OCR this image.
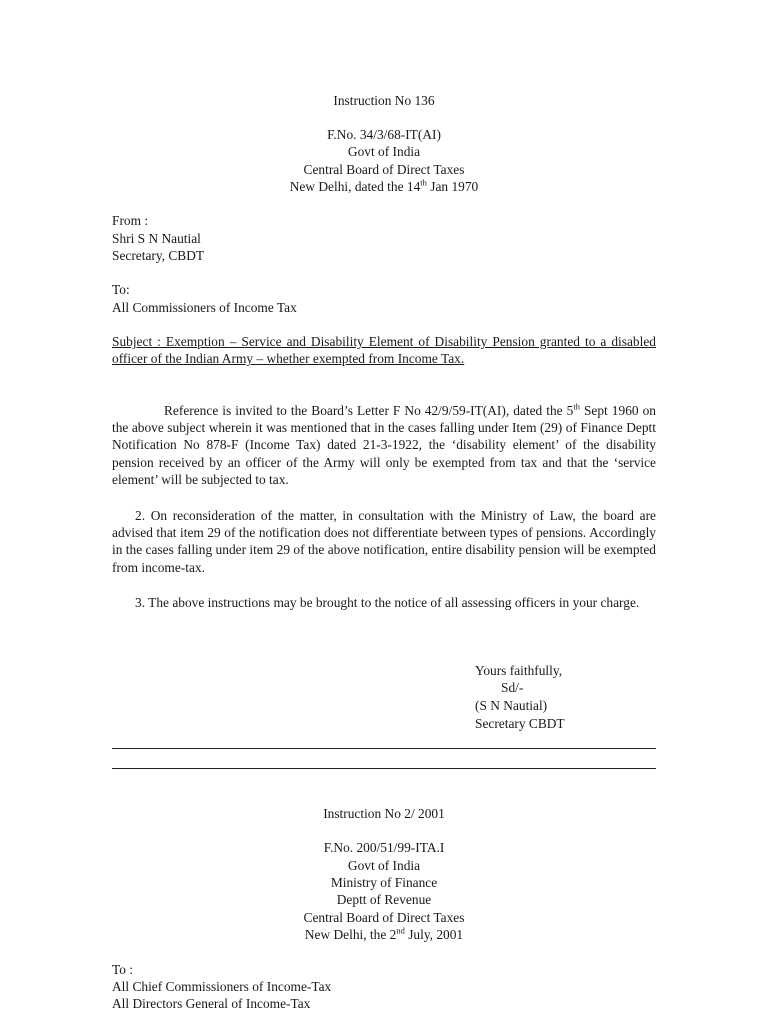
Instruction No 136
F.No. 34/3/68-IT(AI)
Govt of India
Central Board of Direct Taxes
New Delhi, dated the 14th Jan 1970
From :
Shri S N Nautial
Secretary, CBDT
To:
All Commissioners of Income Tax
Subject : Exemption – Service and Disability Element of Disability Pension granted to a disabled officer of the Indian Army – whether exempted from Income Tax.
Reference is invited to the Board’s Letter F No 42/9/59-IT(AI), dated the 5th Sept 1960 on the above subject wherein it was mentioned that in the cases falling under Item (29) of Finance Deptt Notification No 878-F (Income Tax) dated 21-3-1922, the ‘disability element’ of the disability pension received by an officer of the Army will only be exempted from tax and that the ‘service element’ will be subjected to tax.
2. On reconsideration of the matter, in consultation with the Ministry of Law, the board are advised that item 29 of the notification does not differentiate between types of pensions. Accordingly in the cases falling under item 29 of the above notification, entire disability pension will be exempted from income-tax.
3. The above instructions may be brought to the notice of all assessing officers in your charge.
Yours faithfully,
Sd/-
(S N Nautial)
Secretary CBDT
Instruction No 2/ 2001
F.No. 200/51/99-ITA.I
Govt of India
Ministry of Finance
Deptt of Revenue
Central Board of Direct Taxes
New Delhi, the 2nd July, 2001
To :
All Chief Commissioners of Income-Tax
All Directors General of Income-Tax
